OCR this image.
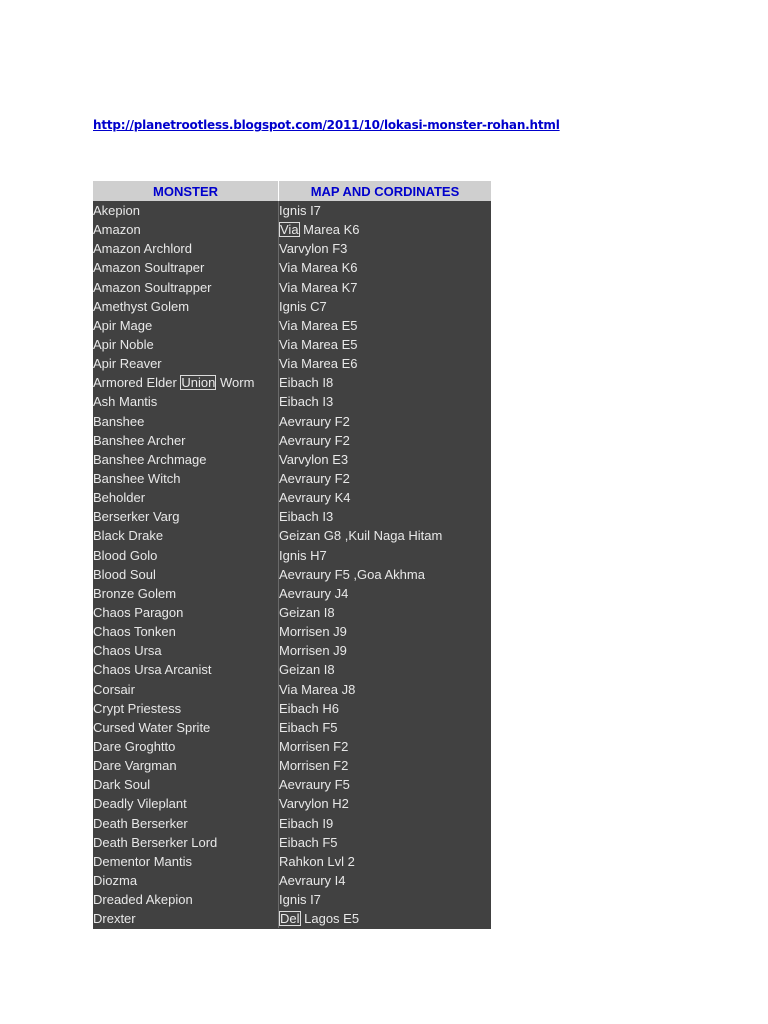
http://planetrootless.blogspot.com/2011/10/lokasi-monster-rohan.html
MONSTER	MAP AND CORDINATES
Akepion	Ignis I7
Amazon	Via Marea K6
Amazon Archlord	Varvylon F3
Amazon Soultraper	Via Marea K6
Amazon Soultrapper	Via Marea K7
Amethyst Golem	Ignis C7
Apir Mage	Via Marea E5
Apir Noble	Via Marea E5
Apir Reaver	Via Marea E6
Armored Elder Union Worm	Eibach I8
Ash Mantis	Eibach I3
Banshee	Aevraury F2
Banshee Archer	Aevraury F2
Banshee Archmage	Varvylon E3
Banshee Witch	Aevraury F2
Beholder	Aevraury K4
Berserker Varg	Eibach I3
Black Drake	Geizan G8 ,Kuil Naga Hitam
Blood Golo	Ignis H7
Blood Soul	Aevraury F5 ,Goa Akhma
Bronze Golem	Aevraury J4
Chaos Paragon	Geizan I8
Chaos Tonken	Morrisen J9
Chaos Ursa	Morrisen J9
Chaos Ursa Arcanist	Geizan I8
Corsair	Via Marea J8
Crypt Priestess	Eibach H6
Cursed Water Sprite	Eibach F5
Dare Groghtto	Morrisen F2
Dare Vargman	Morrisen F2
Dark Soul	Aevraury F5
Deadly Vileplant	Varvylon H2
Death Berserker	Eibach I9
Death Berserker Lord	Eibach F5
Dementor Mantis	Rahkon Lvl 2
Diozma	Aevraury I4
Dreaded Akepion	Ignis I7
Drexter	Del Lagos E5
